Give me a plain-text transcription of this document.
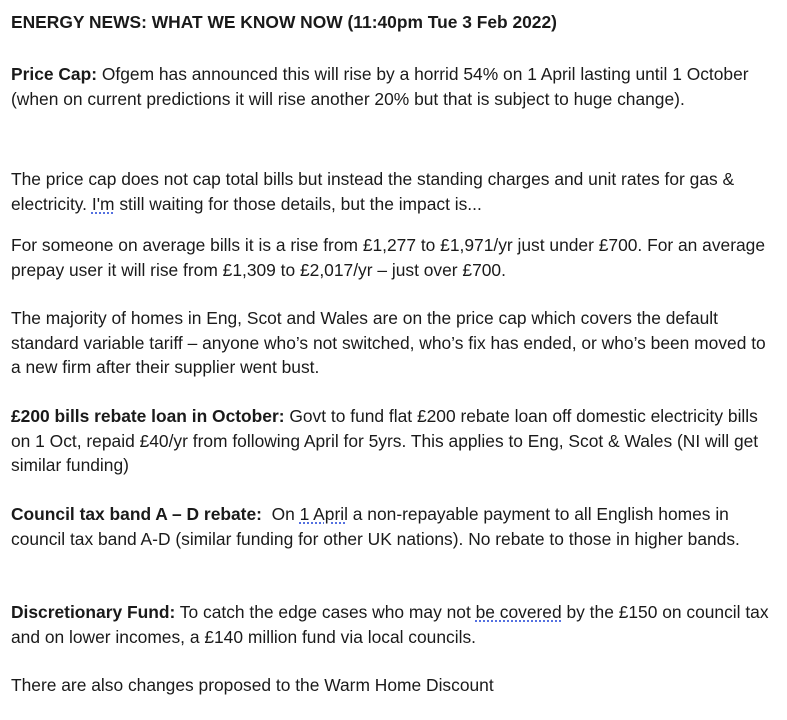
ENERGY NEWS: WHAT WE KNOW NOW (11:40pm Tue 3 Feb 2022)

Price Cap: Ofgem has announced this will rise by a horrid 54% on 1 April lasting until 1 October (when on current predictions it will rise another 20% but that is subject to huge change).

The price cap does not cap total bills but instead the standing charges and unit rates for gas & electricity. I'm still waiting for those details, but the impact is...

For someone on average bills it is a rise from £1,277 to £1,971/yr just under £700. For an average prepay user it will rise from £1,309 to £2,017/yr – just over £700.

The majority of homes in Eng, Scot and Wales are on the price cap which covers the default standard variable tariff – anyone who’s not switched, who’s fix has ended, or who’s been moved to a new firm after their supplier went bust.

£200 bills rebate loan in October: Govt to fund flat £200 rebate loan off domestic electricity bills on 1 Oct, repaid £40/yr from following April for 5yrs. This applies to Eng, Scot & Wales (NI will get similar funding)

Council tax band A – D rebate:  On 1 April a non-repayable payment to all English homes in council tax band A-D (similar funding for other UK nations). No rebate to those in higher bands.

Discretionary Fund: To catch the edge cases who may not be covered by the £150 on council tax and on lower incomes, a £140 million fund via local councils.

There are also changes proposed to the Warm Home Discount
